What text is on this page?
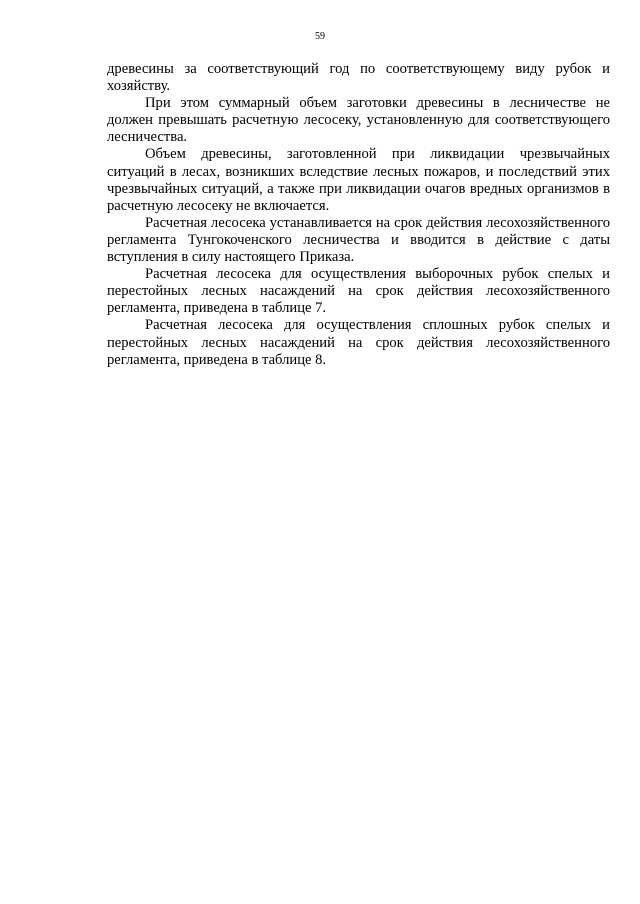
59

древесины за соответствующий год по соответствующему виду рубок и хозяйству.

При этом суммарный объем заготовки древесины в лесничестве не должен превышать расчетную лесосеку, установленную для соответствующего лесничества.

Объем древесины, заготовленной при ликвидации чрезвычайных ситуаций в лесах, возникших вследствие лесных пожаров, и последствий этих чрезвычайных ситуаций, а также при ликвидации очагов вредных организмов в расчетную лесосеку не включается.

Расчетная лесосека устанавливается на срок действия лесохозяйственного регламента Тунгокоченского лесничества и вводится в действие с даты вступления в силу настоящего Приказа.

Расчетная лесосека для осуществления выборочных рубок спелых и перестойных лесных насаждений на срок действия лесохозяйственного регламента, приведена в таблице 7.

Расчетная лесосека для осуществления сплошных рубок спелых и перестойных лесных насаждений на срок действия лесохозяйственного регламента, приведена в таблице 8.
